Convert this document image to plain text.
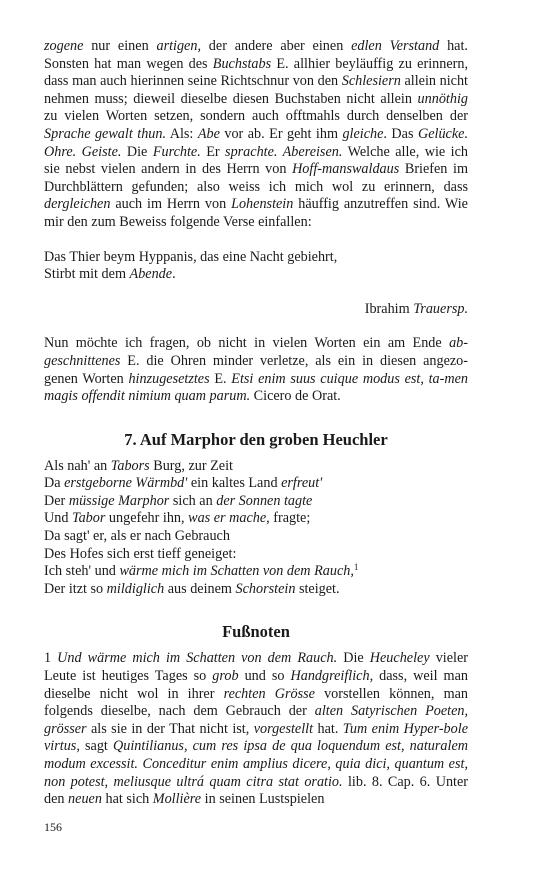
zogene nur einen artigen, der andere aber einen edlen Verstand hat. Sonsten hat man wegen des Buchstabs E. allhier beyläuffig zu erinnern, dass man auch hierinnen seine Richtschnur von den Schlesiern allein nicht nehmen muss; dieweil dieselbe diesen Buchstaben nicht allein unnöthig zu vielen Worten setzen, sondern auch offtmahls durch denselben der Sprache gewalt thun. Als: Abe vor ab. Er geht ihm gleiche. Das Gelücke. Ohre. Geiste. Die Furchte. Er sprachte. Abereisen. Welche alle, wie ich sie nebst vielen andern in des Herrn von Hoff-manswaldaus Briefen im Durchblättern gefunden; also weiss ich mich wol zu erinnern, dass dergleichen auch im Herrn von Lohenstein häuffig anzutreffen sind. Wie mir den zum Beweiss folgende Verse einfallen:

Das Thier beym Hyppanis, das eine Nacht gebiehrt,
Stirbt mit dem Abende.

Ibrahim Trauersp.

Nun möchte ich fragen, ob nicht in vielen Worten ein am Ende ab-geschnittenes E. die Ohren minder verletze, als ein in diesen angezo-genen Worten hinzugesetztes E. Etsi enim suus cuique modus est, ta-men magis offendit nimium quam parum. Cicero de Orat.

7. Auf Marphor den groben Heuchler
Als nah' an Tabors Burg, zur Zeit
Da erstgeborne Wärmbd' ein kaltes Land erfreut'
Der müssige Marphor sich an der Sonnen tagte
Und Tabor ungefehr ihn, was er mache, fragte;
Da sagt' er, als er nach Gebrauch
Des Hofes sich erst tieff geneiget:
Ich steh' und wärme mich im Schatten von dem Rauch,$^1$
Der itzt so mildiglich aus deinem Schorstein steiget.
Fußnoten

1 Und wärme mich im Schatten von dem Rauch. Die Heucheley vieler Leute ist heutiges Tages so grob und so Handgreiflich, dass, weil man dieselbe nicht wol in ihrer rechten Grösse vorstellen können, man folgends dieselbe, nach dem Gebrauch der alten Satyrischen Poeten, grösser als sie in der That nicht ist, vorgestellt hat. Tum enim Hyper-bole virtus, sagt Quintilianus, cum res ipsa de qua loquendum est, naturalem modum excessit. Conceditur enim amplius dicere, quia dici, quantum est, non potest, meliusque ultrá quam citra stat oratio. lib. 8. Cap. 6. Unter den neuen hat sich Mollière in seinen Lustspielen

156
